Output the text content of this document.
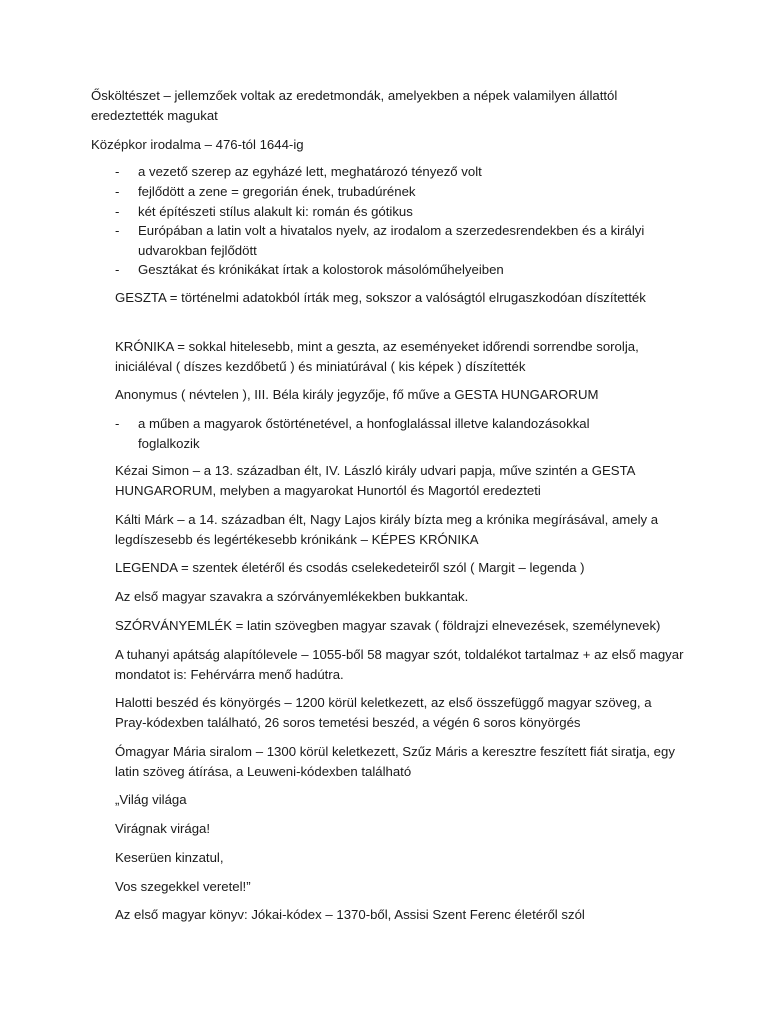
Ősköltészet – jellemzőek voltak az eredetmondák, amelyekben a népek valamilyen állattól eredeztették magukat

Középkor irodalma – 476-tól 1644-ig

- a vezető szerep az egyházé lett, meghatározó tényező volt
- fejlődött a zene = gregorián ének, trubadúrének
- két építészeti stílus alakult ki: román és gótikus
- Európában a latin volt a hivatalos nyelv, az irodalom a szerzedesrendekben és a királyi udvarokban fejlődött
- Gesztákat és krónikákat írtak a kolostorok másolóműhelyeiben

GESZTA = történelmi adatokból írták meg, sokszor a valóságtól elrugaszkodóan díszítették

KRÓNIKA = sokkal hitelesebb, mint a geszta, az eseményeket időrendi sorrendbe sorolja, iniciáléval ( díszes kezdőbetű ) és miniatúrával ( kis képek ) díszítették

Anonymus ( névtelen ), III. Béla király jegyzője, fő műve a GESTA HUNGARORUM

- a műben a magyarok őstörténetével, a honfoglalással illetve kalandozásokkal foglalkozik

Kézai Simon – a 13. században élt, IV. László király udvari papja, műve szintén a GESTA HUNGARORUM, melyben a magyarokat Hunortól és Magortól eredezteti

Kálti Márk – a 14. században élt, Nagy Lajos király bízta meg a krónika megírásával, amely a legdíszesebb és legértékesebb krónikánk – KÉPES KRÓNIKA

LEGENDA = szentek életéről és csodás cselekedeteiről szól ( Margit – legenda )

Az első magyar szavakra a szórványemlékekben bukkantak.

SZÓRVÁNYEMLÉK = latin szövegben magyar szavak ( földrajzi elnevezések, személynevek)

A tuhanyi apátság alapítólevele – 1055-ből 58 magyar szót, toldalékot tartalmaz + az első magyar mondatot is: Fehérvárra menő hadútra.

Halotti beszéd és könyörgés – 1200 körül keletkezett, az első összefüggő magyar szöveg, a Pray-kódexben található, 26 soros temetési beszéd, a végén 6 soros könyörgés

Ómagyar Mária siralom – 1300 körül keletkezett, Szűz Máris a keresztre feszített fiát siratja, egy latin szöveg átírása, a Leuweni-kódexben található

„Világ világa

Virágnak virága!

Keserüen kinzatul,

Vos szegekkel veretel!”

Az első magyar könyv: Jókai-kódex – 1370-ből, Assisi Szent Ferenc életéről szól
